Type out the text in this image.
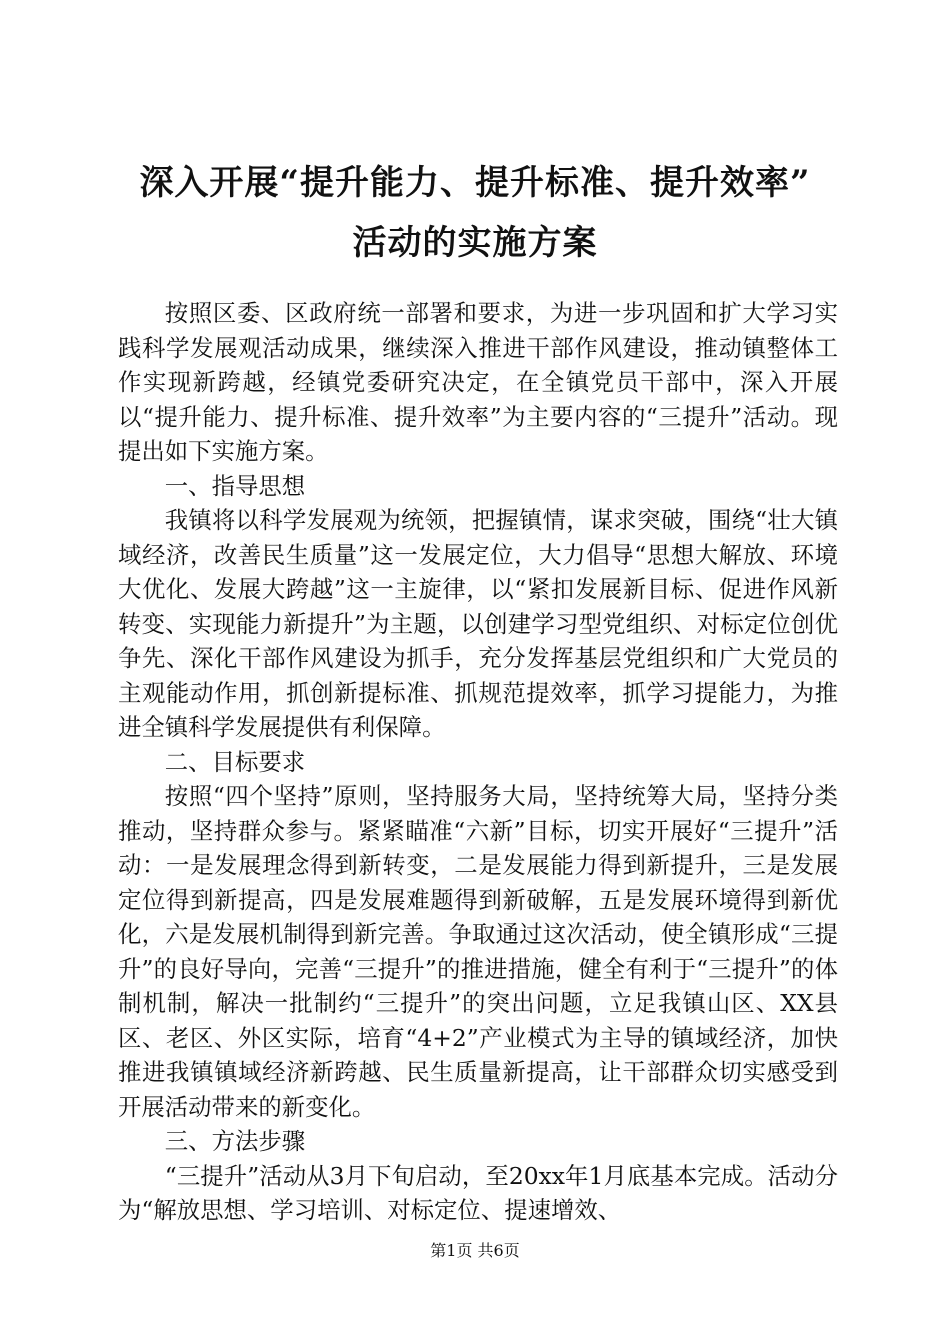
深入开展“提升能力、提升标准、提升效率”
活动的实施方案

按照区委、区政府统一部署和要求，为进一步巩固和扩大学习实践科学发展观活动成果，继续深入推进干部作风建设，推动镇整体工作实现新跨越，经镇党委研究决定，在全镇党员干部中，深入开展以“提升能力、提升标准、提升效率”为主要内容的“三提升”活动。现提出如下实施方案。

一、指导思想

我镇将以科学发展观为统领，把握镇情，谋求突破，围绕“壮大镇域经济，改善民生质量”这一发展定位，大力倡导“思想大解放、环境大优化、发展大跨越”这一主旋律，以“紧扣发展新目标、促进作风新转变、实现能力新提升”为主题，以创建学习型党组织、对标定位创优争先、深化干部作风建设为抓手，充分发挥基层党组织和广大党员的主观能动作用，抓创新提标准、抓规范提效率，抓学习提能力，为推进全镇科学发展提供有利保障。

二、目标要求

按照“四个坚持”原则，坚持服务大局，坚持统筹大局，坚持分类推动，坚持群众参与。紧紧瞄准“六新”目标，切实开展好“三提升”活动：一是发展理念得到新转变，二是发展能力得到新提升，三是发展定位得到新提高，四是发展难题得到新破解，五是发展环境得到新优化，六是发展机制得到新完善。争取通过这次活动，使全镇形成“三提升”的良好导向，完善“三提升”的推进措施，健全有利于“三提升”的体制机制，解决一批制约“三提升”的突出问题，立足我镇山区、XX县区、老区、外区实际，培育“4+2”产业模式为主导的镇域经济，加快推进我镇镇域经济新跨越、民生质量新提高，让干部群众切实感受到开展活动带来的新变化。

三、方法步骤

“三提升”活动从3月下旬启动，至20xx年1月底基本完成。活动分为“解放思想、学习培训、对标定位、提速增效、

第1页 共6页
